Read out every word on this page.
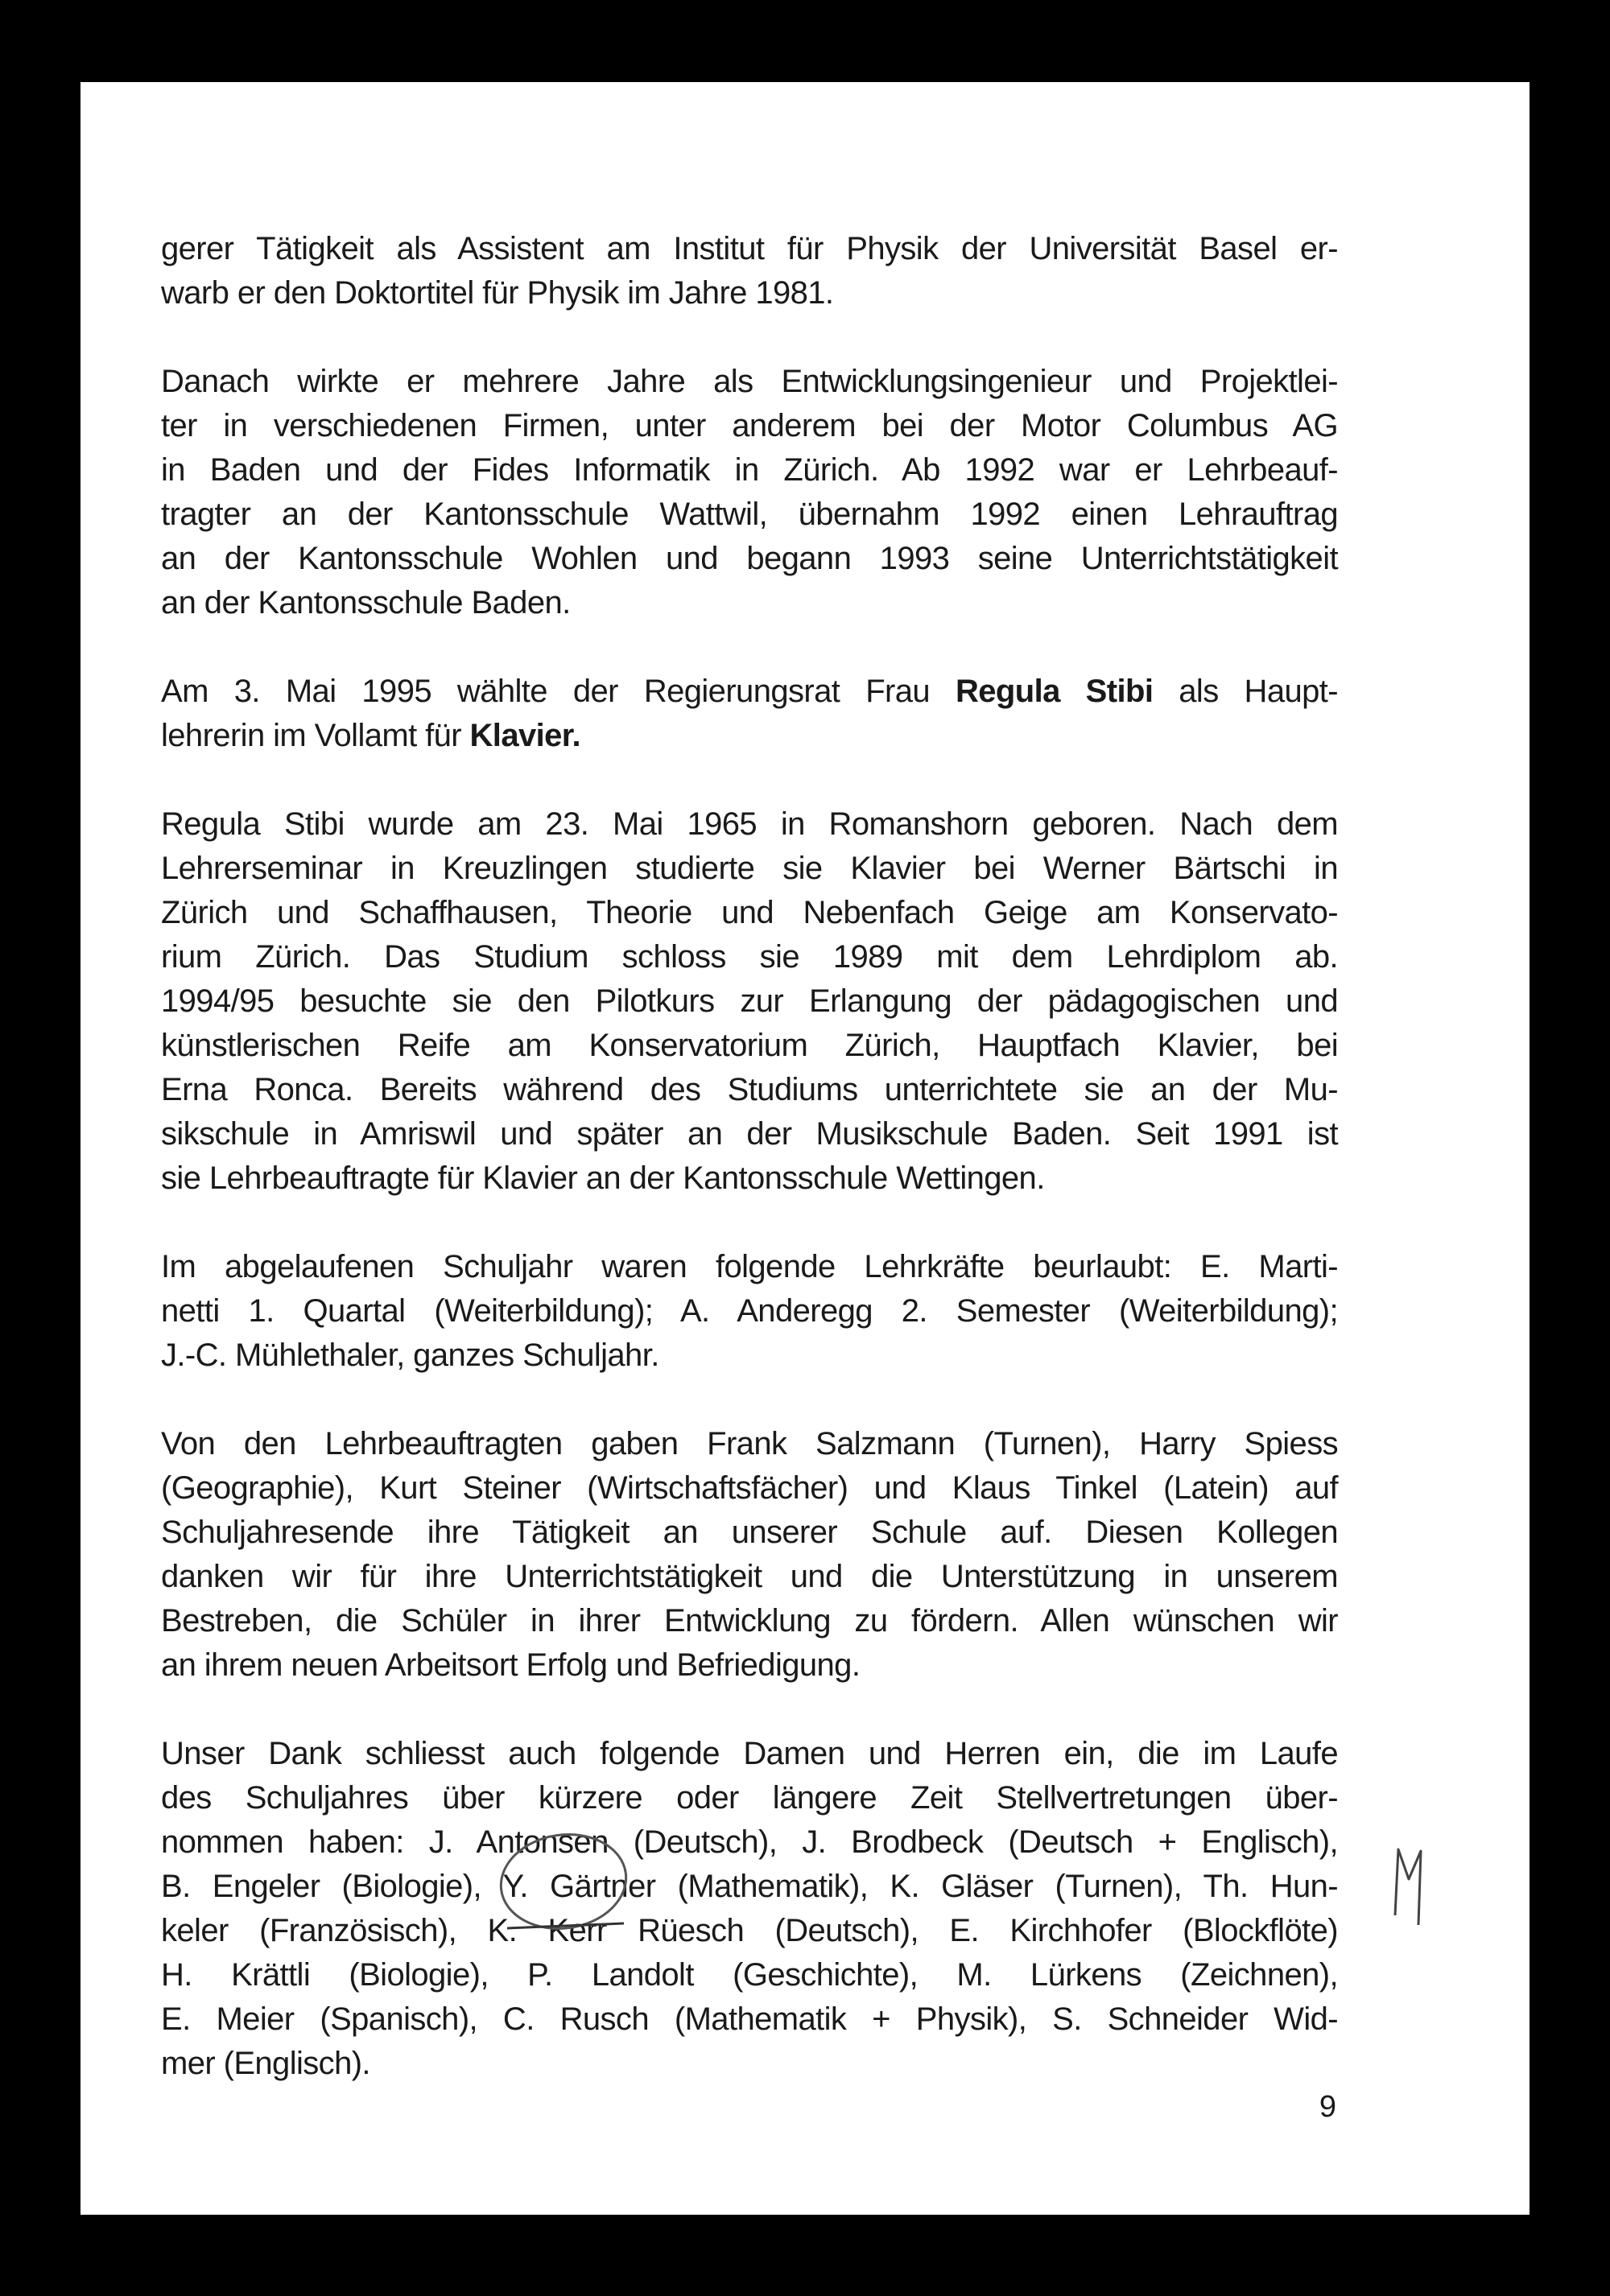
gerer Tätigkeit als Assistent am Institut für Physik der Universität Basel er-
warb er den Doktortitel für Physik im Jahre 1981.
Danach wirkte er mehrere Jahre als Entwicklungsingenieur und Projektlei-
ter in verschiedenen Firmen, unter anderem bei der Motor Columbus AG
in Baden und der Fides Informatik in Zürich. Ab 1992 war er Lehrbeauf-
tragter an der Kantonsschule Wattwil, übernahm 1992 einen Lehrauftrag
an der Kantonsschule Wohlen und begann 1993 seine Unterrichtstätigkeit
an der Kantonsschule Baden.
Am 3. Mai 1995 wählte der Regierungsrat Frau Regula Stibi als Haupt-
lehrerin im Vollamt für Klavier.
Regula Stibi wurde am 23. Mai 1965 in Romanshorn geboren. Nach dem
Lehrerseminar in Kreuzlingen studierte sie Klavier bei Werner Bärtschi in
Zürich und Schaffhausen, Theorie und Nebenfach Geige am Konservato-
rium Zürich. Das Studium schloss sie 1989 mit dem Lehrdiplom ab.
1994/95 besuchte sie den Pilotkurs zur Erlangung der pädagogischen und
künstlerischen Reife am Konservatorium Zürich, Hauptfach Klavier, bei
Erna Ronca. Bereits während des Studiums unterrichtete sie an der Mu-
sikschule in Amriswil und später an der Musikschule Baden. Seit 1991 ist
sie Lehrbeauftragte für Klavier an der Kantonsschule Wettingen.
Im abgelaufenen Schuljahr waren folgende Lehrkräfte beurlaubt: E. Marti-
netti 1. Quartal (Weiterbildung); A. Anderegg 2. Semester (Weiterbildung);
J.-C. Mühlethaler, ganzes Schuljahr.
Von den Lehrbeauftragten gaben Frank Salzmann (Turnen), Harry Spiess
(Geographie), Kurt Steiner (Wirtschaftsfächer) und Klaus Tinkel (Latein) auf
Schuljahresende ihre Tätigkeit an unserer Schule auf. Diesen Kollegen
danken wir für ihre Unterrichtstätigkeit und die Unterstützung in unserem
Bestreben, die Schüler in ihrer Entwicklung zu fördern. Allen wünschen wir
an ihrem neuen Arbeitsort Erfolg und Befriedigung.
Unser Dank schliesst auch folgende Damen und Herren ein, die im Laufe
des Schuljahres über kürzere oder längere Zeit Stellvertretungen über-
nommen haben: J. Antonsen (Deutsch), J. Brodbeck (Deutsch + Englisch),
B. Engeler (Biologie), Y. Gärtner (Mathematik), K. Gläser (Turnen), Th. Hun-
keler (Französisch), K. Kerr Rüesch (Deutsch), E. Kirchhofer (Blockflöte)
H. Krättli (Biologie), P. Landolt (Geschichte), M. Lürkens (Zeichnen),
E. Meier (Spanisch), C. Rusch (Mathematik + Physik), S. Schneider Wid-
mer (Englisch).
9
